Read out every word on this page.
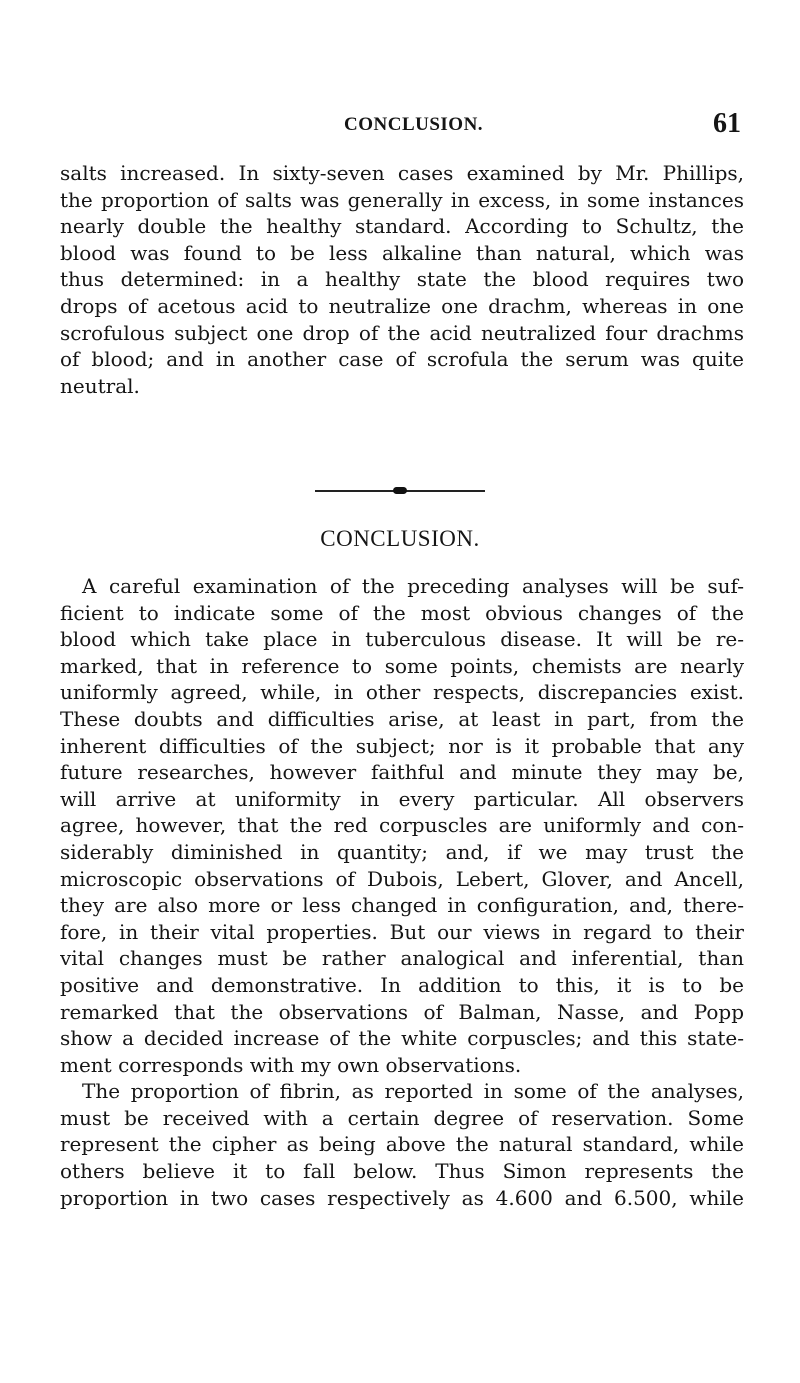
CONCLUSION.	61
salts increased. In sixty-seven cases examined by Mr. Phillips,
the proportion of salts was generally in excess, in some instances
nearly double the healthy standard. According to Schultz, the
blood was found to be less alkaline than natural, which was
thus determined: in a healthy state the blood requires two
drops of acetous acid to neutralize one drachm, whereas in one
scrofulous subject one drop of the acid neutralized four drachms
of blood; and in another case of scrofula the serum was quite
neutral.
CONCLUSION.
A careful examination of the preceding analyses will be suf-
ficient to indicate some of the most obvious changes of the
blood which take place in tuberculous disease. It will be re-
marked, that in reference to some points, chemists are nearly
uniformly agreed, while, in other respects, discrepancies exist.
These doubts and difficulties arise, at least in part, from the
inherent difficulties of the subject; nor is it probable that any
future researches, however faithful and minute they may be,
will arrive at uniformity in every particular. All observers
agree, however, that the red corpuscles are uniformly and con-
siderably diminished in quantity; and, if we may trust the
microscopic observations of Dubois, Lebert, Glover, and Ancell,
they are also more or less changed in configuration, and, there-
fore, in their vital properties. But our views in regard to their
vital changes must be rather analogical and inferential, than
positive and demonstrative. In addition to this, it is to be
remarked that the observations of Balman, Nasse, and Popp
show a decided increase of the white corpuscles; and this state-
ment corresponds with my own observations.
The proportion of fibrin, as reported in some of the analyses,
must be received with a certain degree of reservation. Some
represent the cipher as being above the natural standard, while
others believe it to fall below. Thus Simon represents the
proportion in two cases respectively as 4.600 and 6.500, while
